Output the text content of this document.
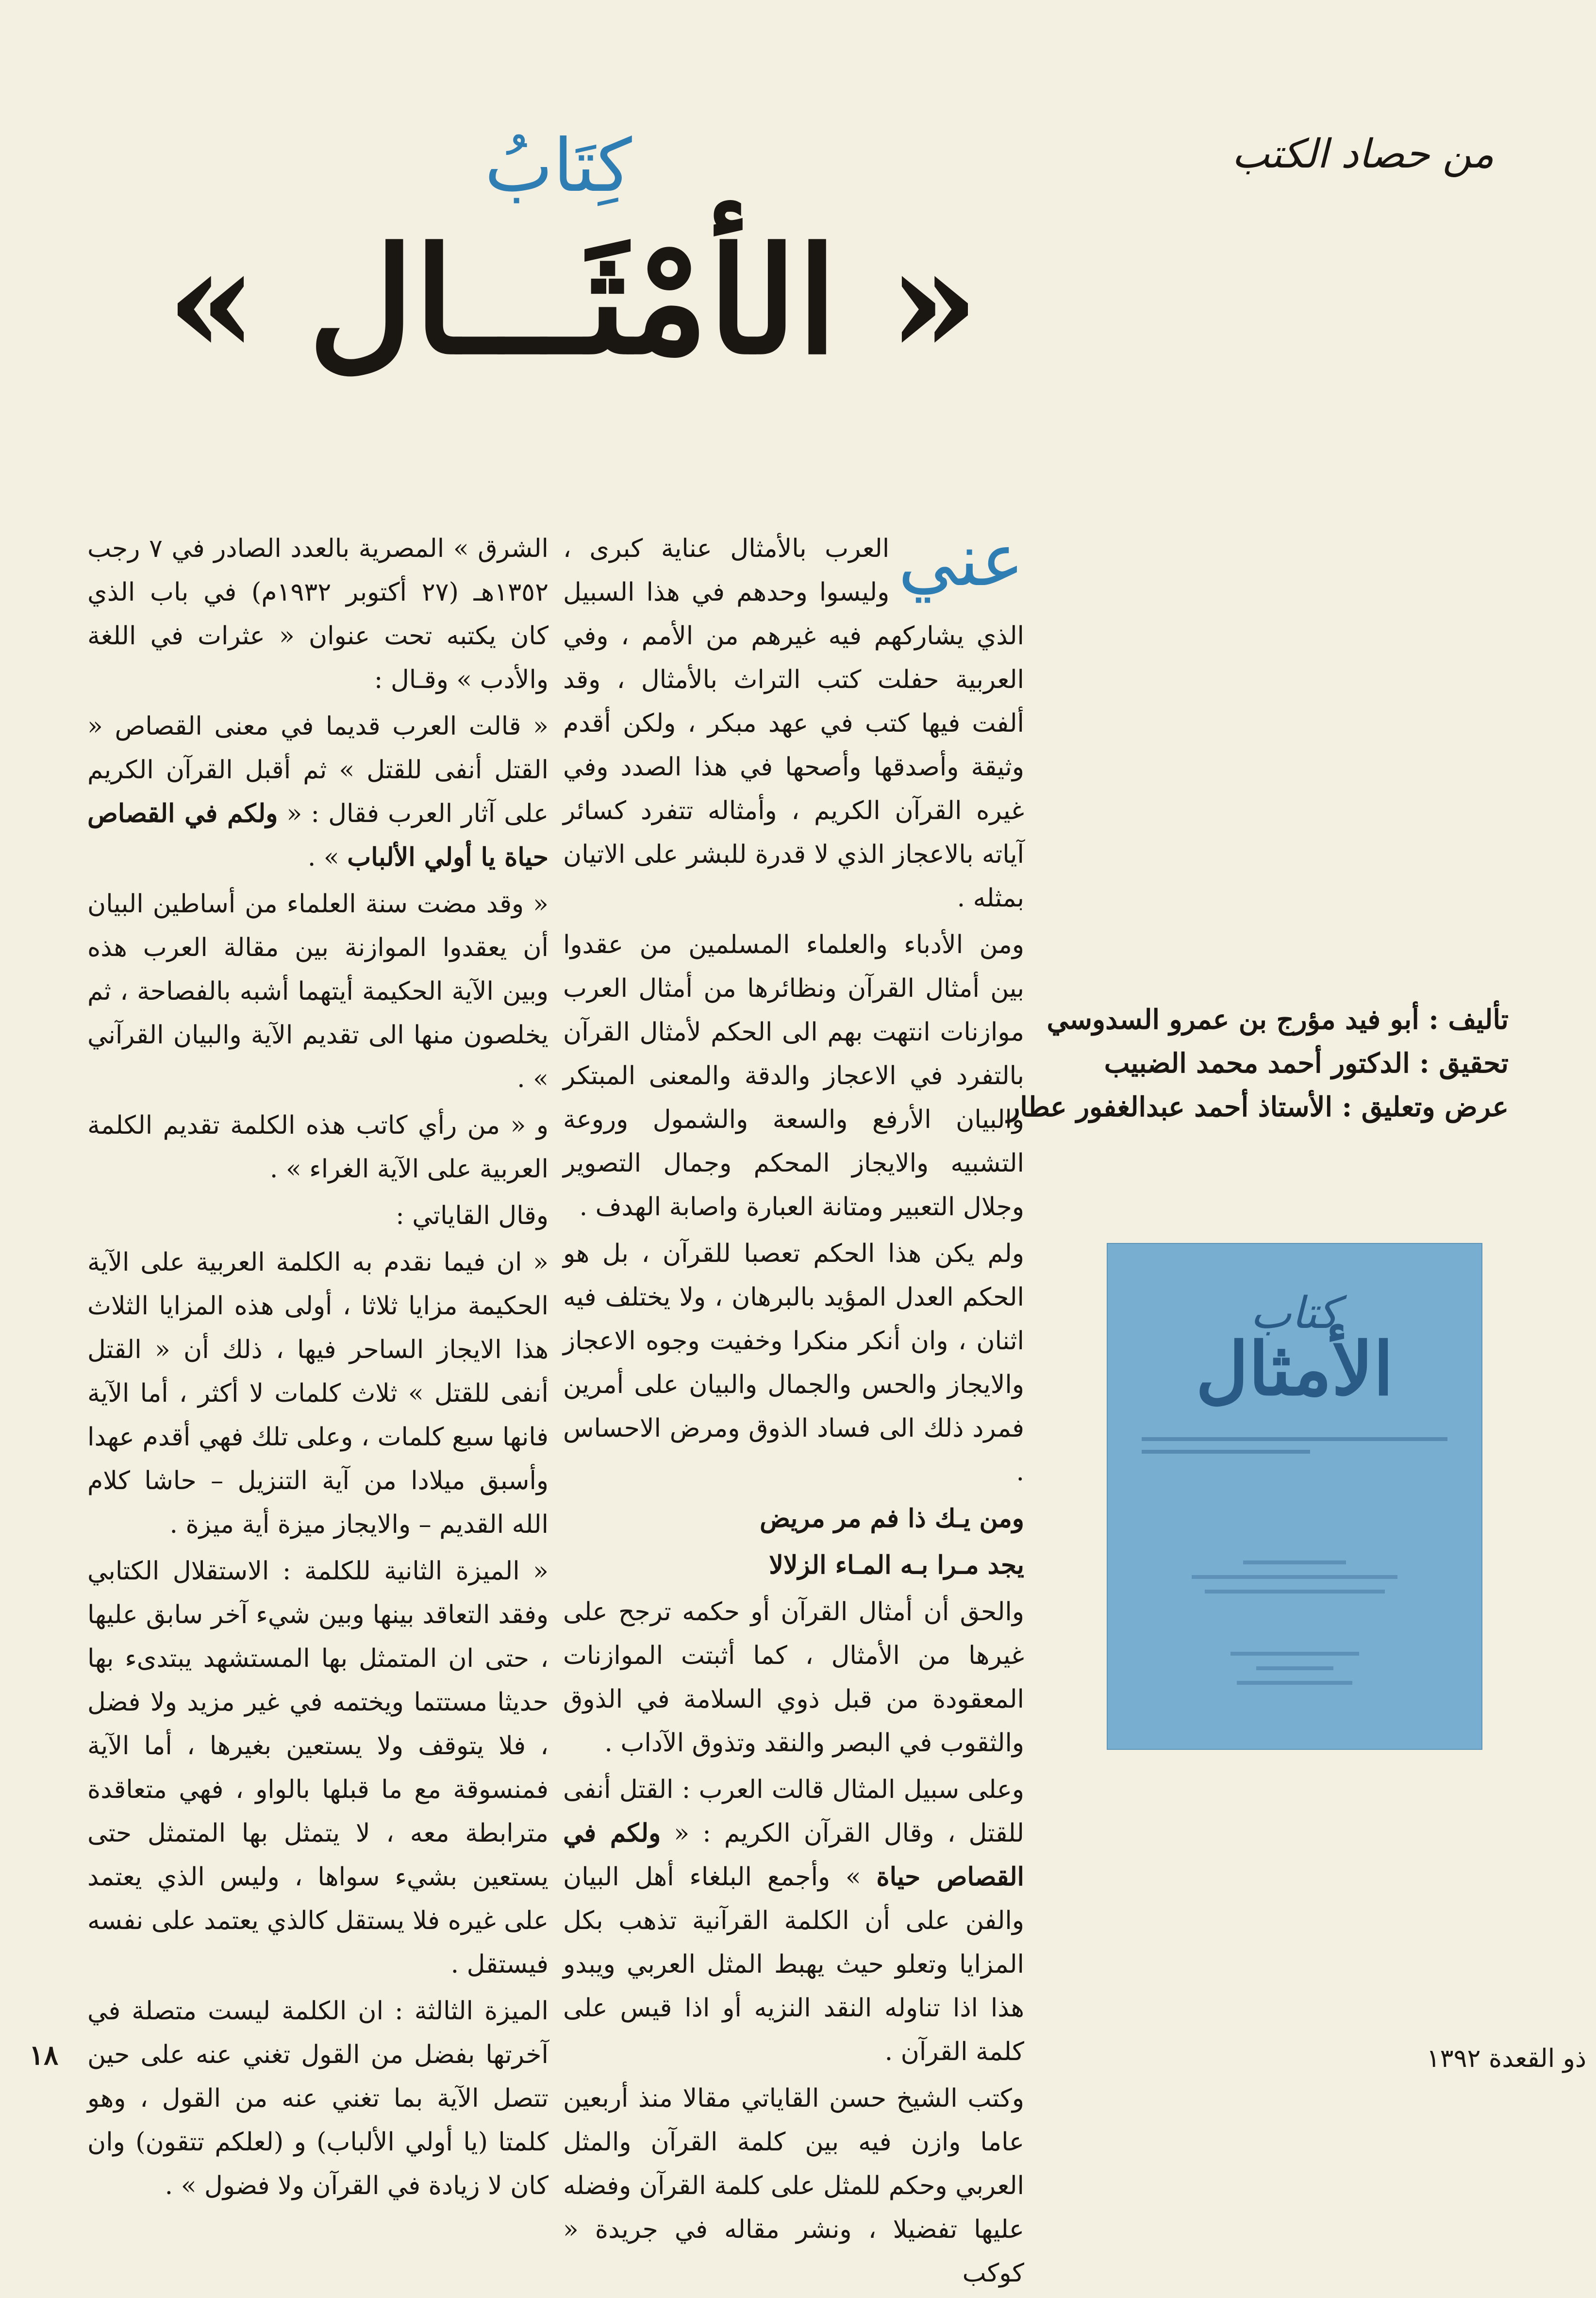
من حصاد الكتب
كِتَابُ
« الأمْثَـــال »

عني
العرب بالأمثال عناية كبرى ، وليسوا وحدهم في هذا السبيل الذي يشاركهم فيه غيرهم من الأمم ، وفي العربية حفلت كتب التراث بالأمثال ، وقد ألفت فيها كتب في عهد مبكر ، ولكن أقدم وثيقة وأصدقها وأصحها في هذا الصدد وفي غيره القرآن الكريم ، وأمثاله تتفرد كسائر آياته بالاعجاز الذي لا قدرة للبشر على الاتيان بمثله .

ومن الأدباء والعلماء المسلمين من عقدوا بين أمثال القرآن ونظائرها من أمثال العرب موازنات انتهت بهم الى الحكم لأمثال القرآن بالتفرد في الاعجاز والدقة والمعنى المبتكر والبيان الأرفع والسعة والشمول وروعة التشبيه والايجاز المحكم وجمال التصوير وجلال التعبير ومتانة العبارة واصابة الهدف .

ولم يكن هذا الحكم تعصبا للقرآن ، بل هو الحكم العدل المؤيد بالبرهان ، ولا يختلف فيه اثنان ، وان أنكر منكرا وخفيت وجوه الاعجاز والايجاز والحس والجمال والبيان على أمرين فمرد ذلك الى فساد الذوق ومرض الاحساس .

ومن يـك ذا فم مر مريض

يجد مـرا بـه المـاء الزلالا

والحق أن أمثال القرآن أو حكمه ترجح على غيرها من الأمثال ، كما أثبتت الموازنات المعقودة من قبل ذوي السلامة في الذوق والثقوب في البصر والنقد وتذوق الآداب .

وعلى سبيل المثال قالت العرب : القتل أنفى للقتل ، وقال القرآن الكريم : « ولكم في القصاص حياة » وأجمع البلغاء أهل البيان والفن على أن الكلمة القرآنية تذهب بكل المزايا وتعلو حيث يهبط المثل العربي ويبدو هذا اذا تناوله النقد النزيه أو اذا قيس على كلمة القرآن .

وكتب الشيخ حسن القاياتي مقالا منذ أربعين عاما وازن فيه بين كلمة القرآن والمثل العربي وحكم للمثل على كلمة القرآن وفضله عليها تفضيلا ، ونشر مقاله في جريدة « كوكب

الشرق » المصرية بالعدد الصادر في ٧ رجب ١٣٥٢هـ (٢٧ أكتوبر ١٩٣٢م) في باب الذي كان يكتبه تحت عنوان « عثرات في اللغة والأدب » وقـال :

« قالت العرب قديما في معنى القصاص « القتل أنفى للقتل » ثم أقبل القرآن الكريم على آثار العرب فقال : « ولكم في القصاص حياة يا أولي الألباب » .

« وقد مضت سنة العلماء من أساطين البيان أن يعقدوا الموازنة بين مقالة العرب هذه وبين الآية الحكيمة أيتهما أشبه بالفصاحة ، ثم يخلصون منها الى تقديم الآية والبيان القرآني » .

و « من رأي كاتب هذه الكلمة تقديم الكلمة العربية على الآية الغراء » .

وقال القاياتي :

« ان فيما نقدم به الكلمة العربية على الآية الحكيمة مزايا ثلاثا ، أولى هذه المزايا الثلاث هذا الايجاز الساحر فيها ، ذلك أن « القتل أنفى للقتل » ثلاث كلمات لا أكثر ، أما الآية فانها سبع كلمات ، وعلى تلك فهي أقدم عهدا وأسبق ميلادا من آية التنزيل – حاشا كلام الله القديم – والايجاز ميزة أية ميزة .

« الميزة الثانية للكلمة : الاستقلال الكتابي وفقد التعاقد بينها وبين شيء آخر سابق عليها ، حتى ان المتمثل بها المستشهد يبتدىء بها حديثا مستتما ويختمه في غير مزيد ولا فضل ، فلا يتوقف ولا يستعين بغيرها ، أما الآية فمنسوقة مع ما قبلها بالواو ، فهي متعاقدة مترابطة معه ، لا يتمثل بها المتمثل حتى يستعين بشيء سواها ، وليس الذي يعتمد على غيره فلا يستقل كالذي يعتمد على نفسه فيستقل .

الميزة الثالثة : ان الكلمة ليست متصلة في آخرتها بفضل من القول تغني عنه على حين تتصل الآية بما تغني عنه من القول ، وهو كلمتا (يا أولي الألباب) و (لعلكم تتقون) وان كان لا زيادة في القرآن ولا فضول » .

تأليف : أبو فيد مؤرج بن عمرو السدوسي
تحقيق : الدكتور أحمد محمد الضبيب
عرض وتعليق : الأستاذ أحمد عبدالغفور عطار
كتاب
الأمثال
١٨	ذو القعدة ١٣٩٢
